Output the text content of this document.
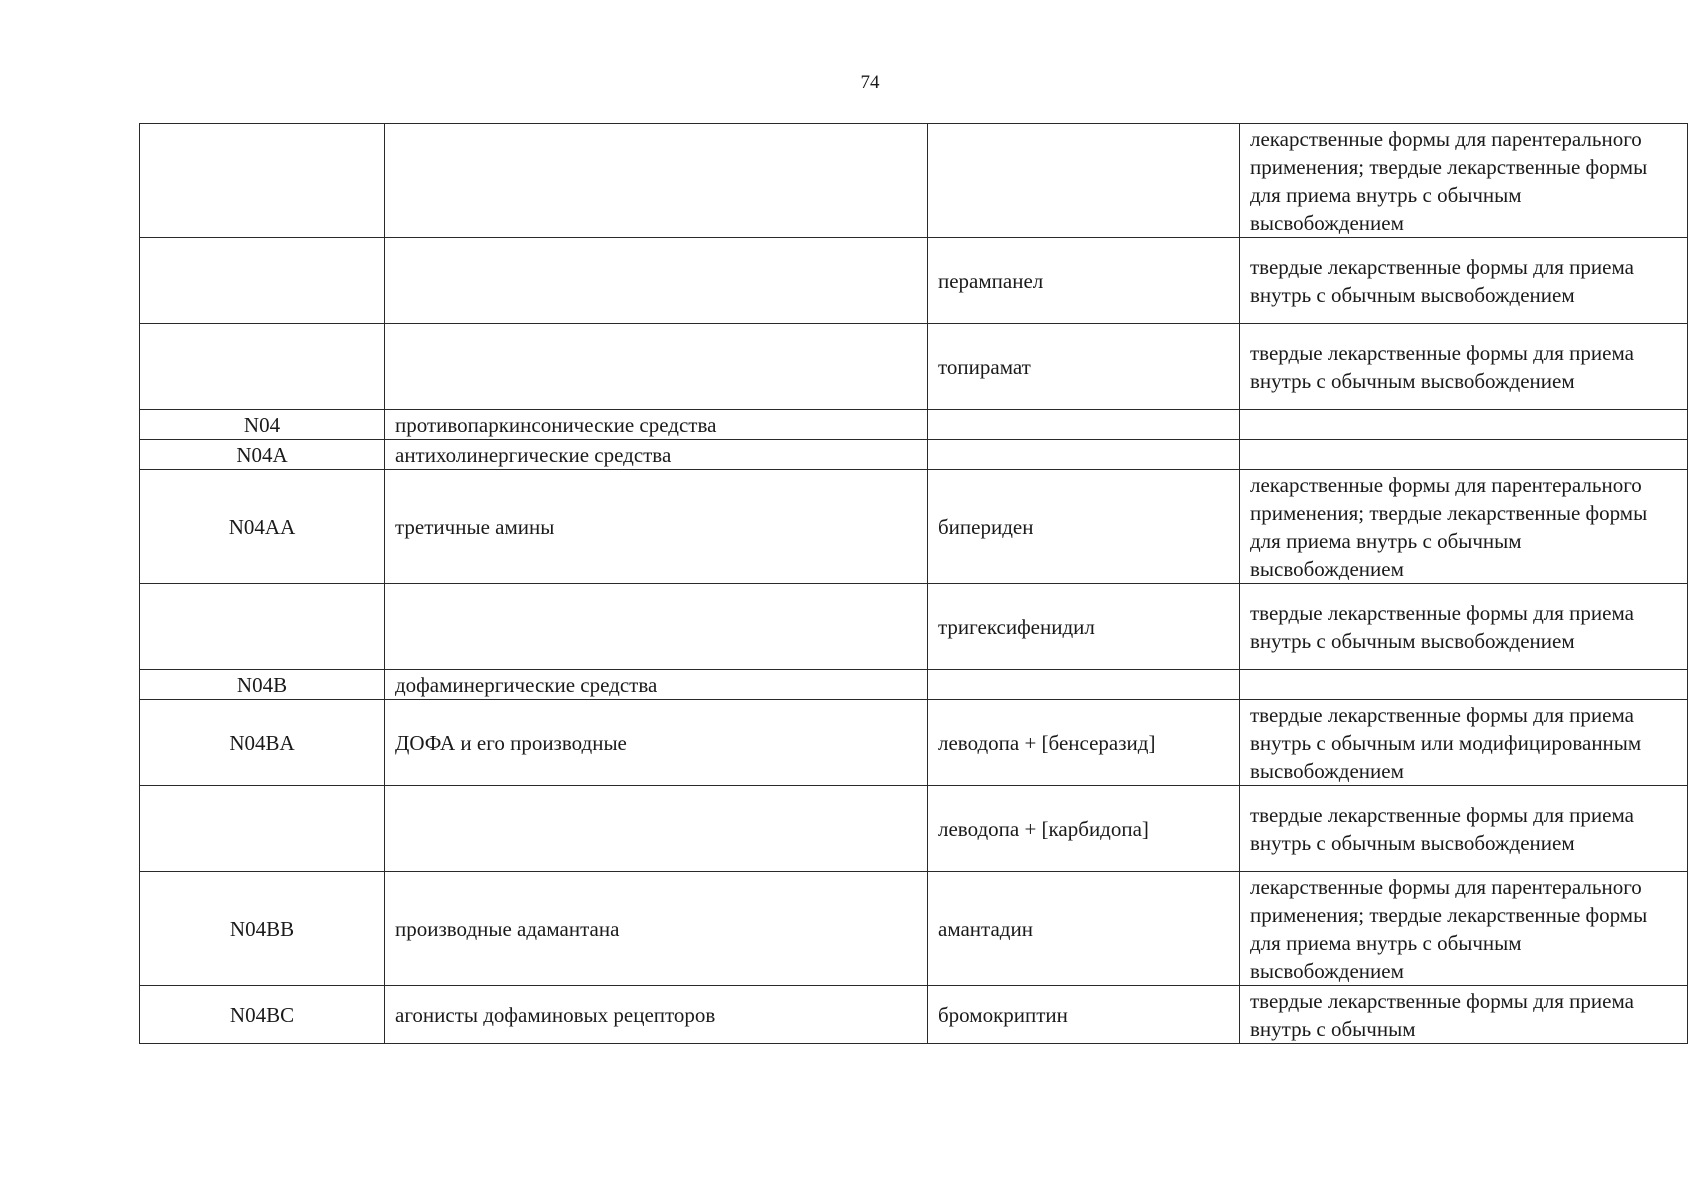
74
			лекарственные формы для парентерального применения; твердые лекарственные формы для приема внутрь с обычным высвобождением
		перампанел	твердые лекарственные формы для приема внутрь с обычным высвобождением
		топирамат	твердые лекарственные формы для приема внутрь с обычным высвобождением
N04	противопаркинсонические средства		
N04A	антихолинергические средства		
N04AA	третичные амины	бипериден	лекарственные формы для парентерального применения; твердые лекарственные формы для приема внутрь с обычным высвобождением
		тригексифенидил	твердые лекарственные формы для приема внутрь с обычным высвобождением
N04B	дофаминергические средства		
N04BA	ДОФА и его производные	леводопа + [бенсеразид]	твердые лекарственные формы для приема внутрь с обычным или модифицированным высвобождением
		леводопа + [карбидопа]	твердые лекарственные формы для приема внутрь с обычным высвобождением
N04BB	производные адамантана	амантадин	лекарственные формы для парентерального применения; твердые лекарственные формы для приема внутрь с обычным высвобождением
N04BC	агонисты дофаминовых рецепторов	бромокриптин	твердые лекарственные формы для приема внутрь с обычным
